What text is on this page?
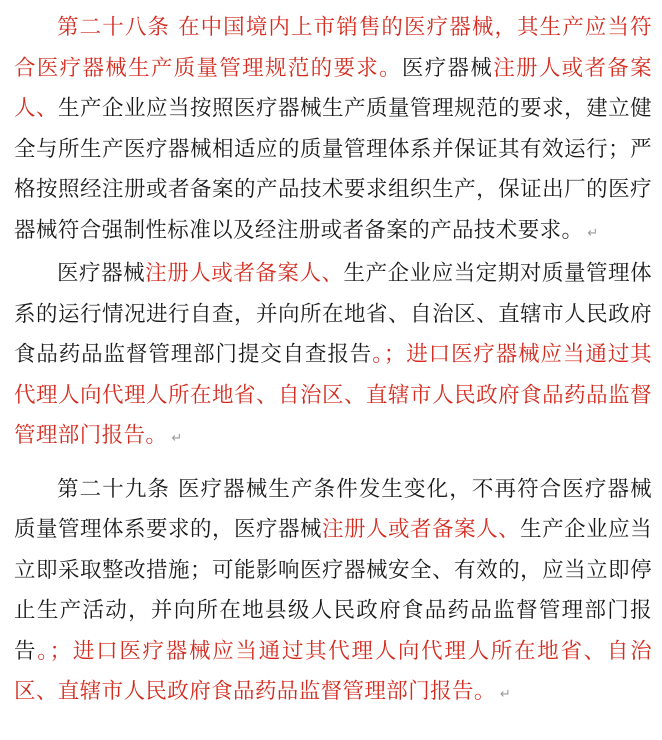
第二十八条 在中国境内上市销售的医疗器械，其生产应当符合医疗器械生产质量管理规范的要求。医疗器械注册人或者备案人、生产企业应当按照医疗器械生产质量管理规范的要求，建立健全与所生产医疗器械相适应的质量管理体系并保证其有效运行；严格按照经注册或者备案的产品技术要求组织生产，保证出厂的医疗器械符合强制性标准以及经注册或者备案的产品技术要求。 ↵

医疗器械注册人或者备案人、生产企业应当定期对质量管理体系的运行情况进行自查，并向所在地省、自治区、直辖市人民政府食品药品监督管理部门提交自查报告。；进口医疗器械应当通过其代理人向代理人所在地省、自治区、直辖市人民政府食品药品监督管理部门报告。 ↵

第二十九条 医疗器械生产条件发生变化，不再符合医疗器械质量管理体系要求的，医疗器械注册人或者备案人、生产企业应当立即采取整改措施；可能影响医疗器械安全、有效的，应当立即停止生产活动，并向所在地县级人民政府食品药品监督管理部门报告。；进口医疗器械应当通过其代理人向代理人所在地省、自治区、直辖市人民政府食品药品监督管理部门报告。 ↵
